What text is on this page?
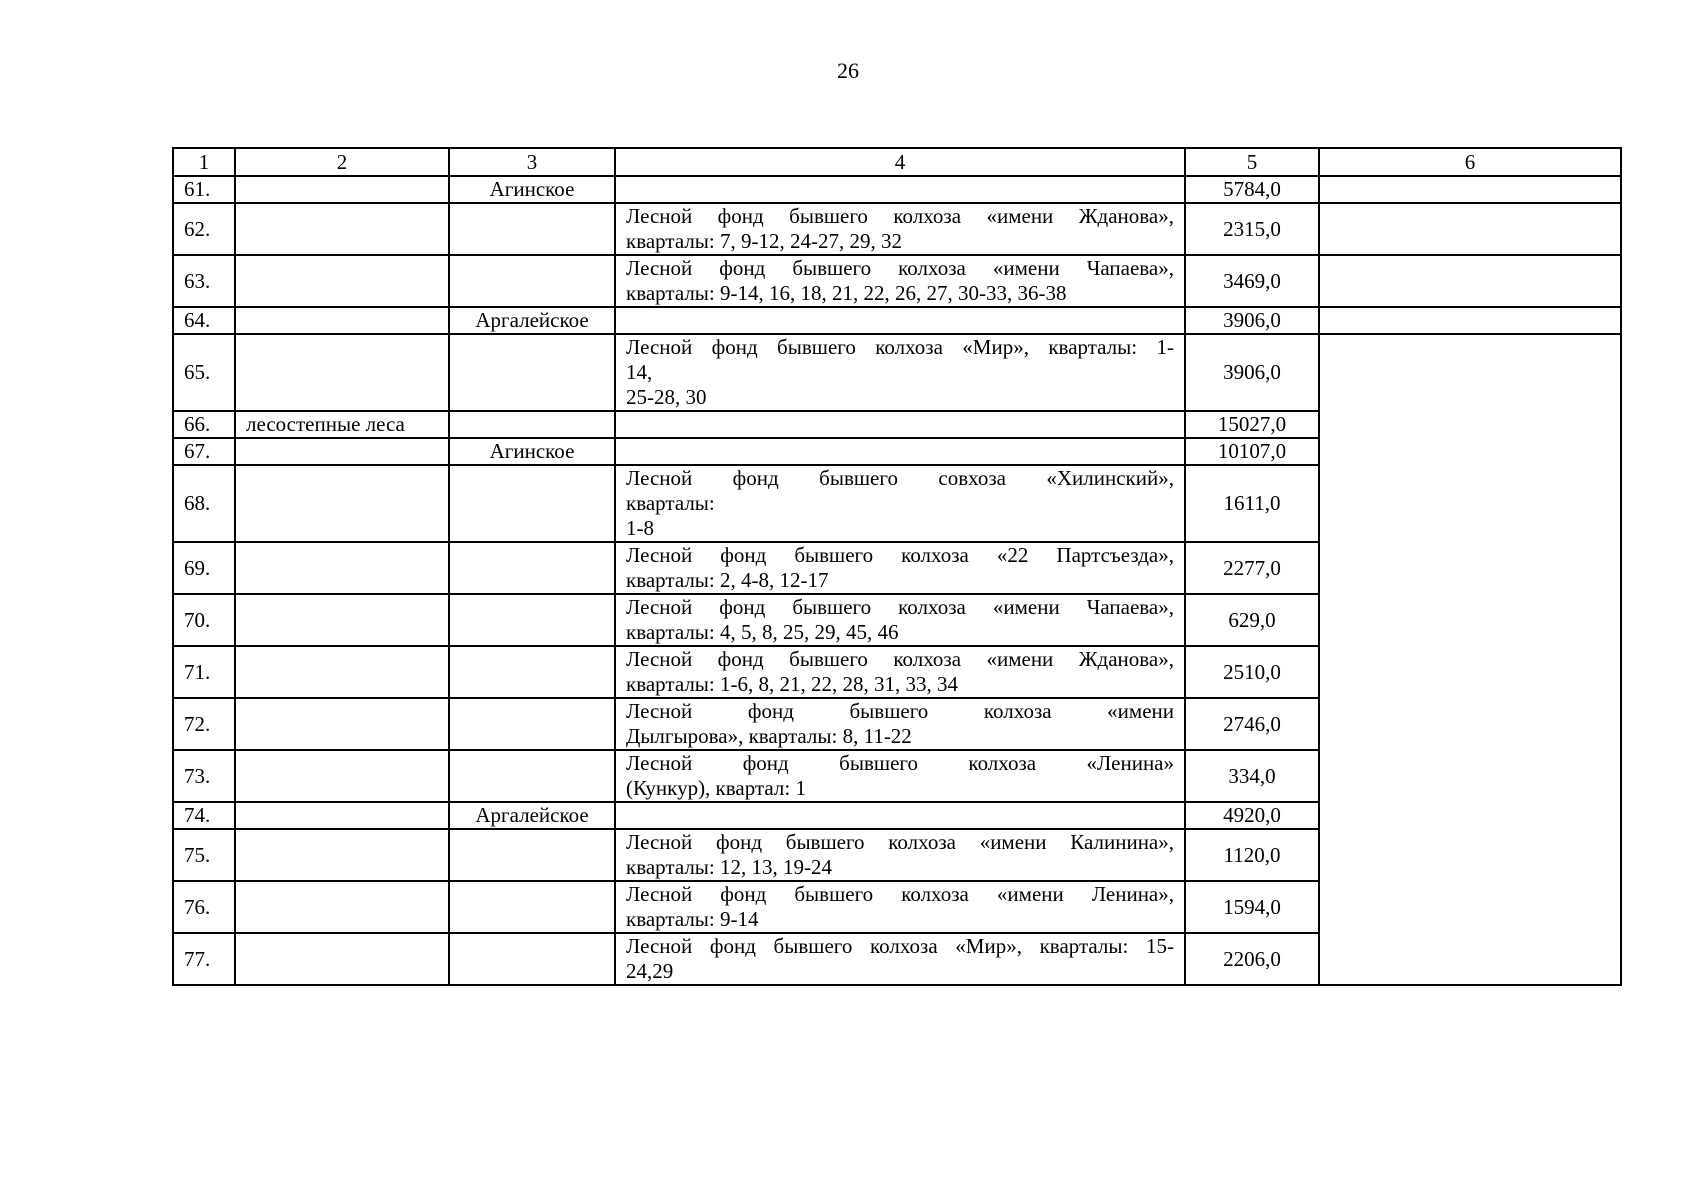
26
1	2	3	4	5	6
61.		Агинское		5784,0	
62.			Лесной фонд бывшего колхоза «имени Жданова»,
кварталы: 7, 9-12, 24-27, 29, 32	2315,0	
63.			Лесной фонд бывшего колхоза «имени Чапаева»,
кварталы: 9-14, 16, 18, 21, 22, 26, 27, 30-33, 36-38	3469,0	
64.		Аргалейское		3906,0	
65.			Лесной фонд бывшего колхоза «Мир», кварталы: 1-
14,
25-28, 30	3906,0	
66.	лесостепные леса			15027,0	
67.		Агинское		10107,0	
68.			Лесной фонд бывшего совхоза «Хилинский»,
кварталы:
1-8	1611,0	
69.			Лесной фонд бывшего колхоза «22 Партсъезда»,
кварталы: 2, 4-8, 12-17	2277,0	
70.			Лесной фонд бывшего колхоза «имени Чапаева»,
кварталы: 4, 5, 8, 25, 29, 45, 46	629,0	
71.			Лесной фонд бывшего колхоза «имени Жданова»,
кварталы: 1-6, 8, 21, 22, 28, 31, 33, 34	2510,0	
72.			Лесной фонд бывшего колхоза «имени
Дылгырова», кварталы: 8, 11-22	2746,0	
73.			Лесной фонд бывшего колхоза «Ленина»
(Кункур), квартал: 1	334,0	
74.		Аргалейское		4920,0	
75.			Лесной фонд бывшего колхоза «имени Калинина»,
кварталы: 12, 13, 19-24	1120,0	
76.			Лесной фонд бывшего колхоза «имени Ленина»,
кварталы: 9-14	1594,0	
77.			Лесной фонд бывшего колхоза «Мир», кварталы: 15-
24,29	2206,0	
